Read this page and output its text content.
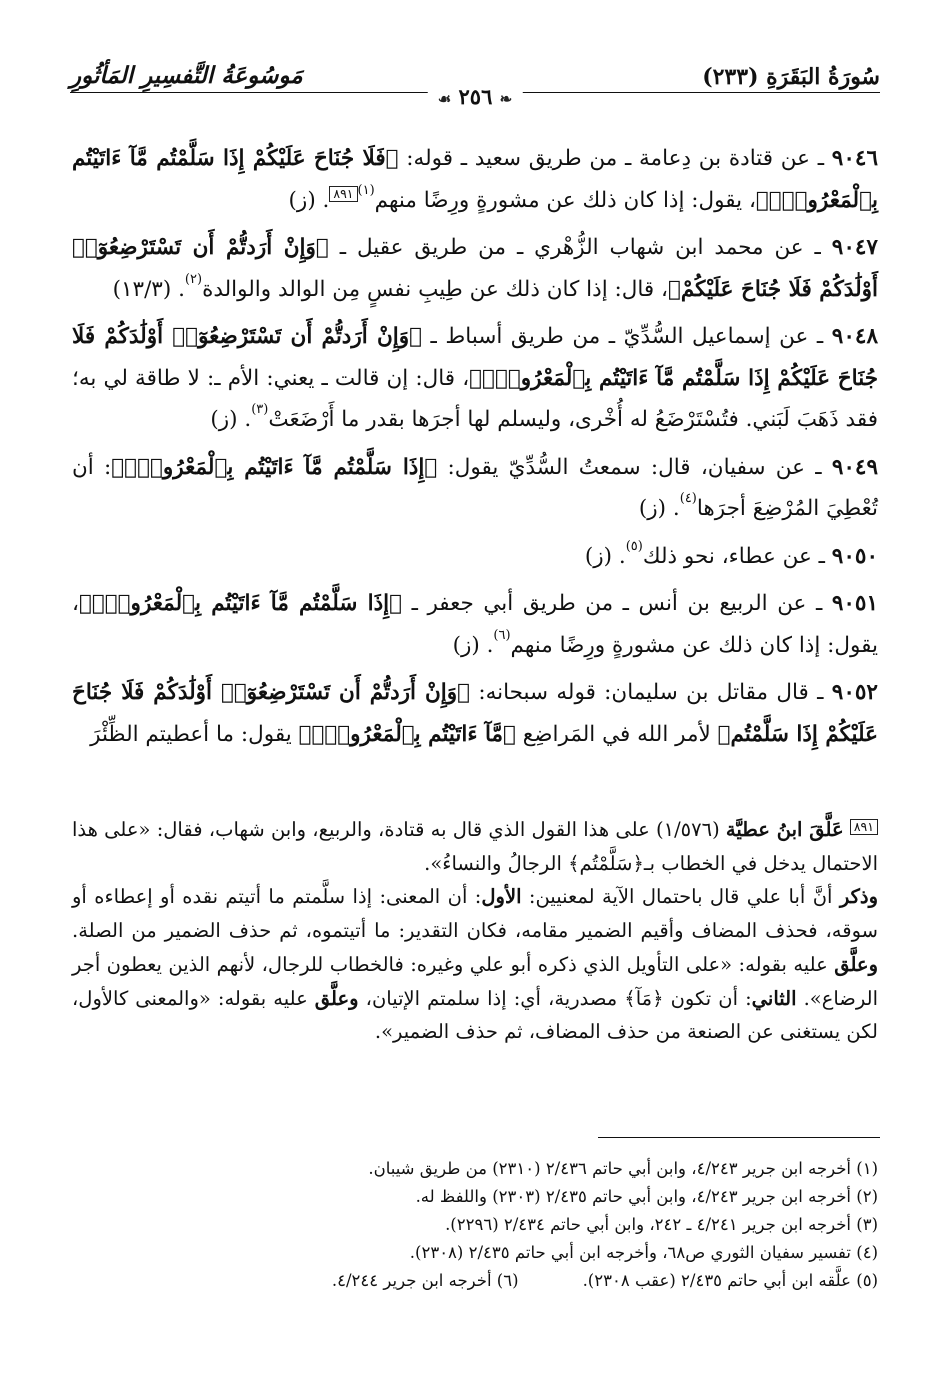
سُورَةُ البَقَرَةِ (٢٣٣)
مَوسُوعَةُ التَّفسِيرِ المَأثُورِ
❧ ٢٥٦ ☙

٩٠٤٦ ـ عن قتادة بن دِعامة ـ من طريق سعيد ـ قوله: ﴿فَلَا جُنَاحَ عَلَيْكُمْ إِذَا سَلَّمْتُم مَّآ ءَاتَيْتُم بِٱلْمَعْرُوفِۗ﴾، يقول: إذا كان ذلك عن مشورةٍ ورِضًا منهم$^{(١)}$٨٩١. (ز)

٩٠٤٧ ـ عن محمد ابن شهاب الزُّهْري ـ من طريق عقيل ـ ﴿وَإِنْ أَرَدتُّمْ أَن تَسْتَرْضِعُوٓا۟ أَوْلَٰدَكُمْ فَلَا جُنَاحَ عَلَيْكُمْ﴾، قال: إذا كان ذلك عن طِيبِ نفسٍ مِن الوالد والوالدة$^{(٢)}$. (١٣/٣)

٩٠٤٨ ـ عن إسماعيل السُّدِّيّ ـ من طريق أسباط ـ ﴿وَإِنْ أَرَدتُّمْ أَن تَسْتَرْضِعُوٓا۟ أَوْلَٰدَكُمْ فَلَا جُنَاحَ عَلَيْكُمْ إِذَا سَلَّمْتُم مَّآ ءَاتَيْتُم بِٱلْمَعْرُوفِۗ﴾، قال: إن قالت ـ يعني: الأم ـ: لا طاقة لي به؛ فقد ذَهَبَ لَبَني. فتُسْتَرْضَعُ له أُخْرى، وليسلم لها أجرَها بقدر ما أَرْضَعَتْ$^{(٣)}$. (ز)

٩٠٤٩ ـ عن سفيان، قال: سمعتُ السُّدِّيّ يقول: ﴿إِذَا سَلَّمْتُم مَّآ ءَاتَيْتُم بِٱلْمَعْرُوفِۗ﴾: أن تُعْطِيَ المُرْضِعَ أجرَها$^{(٤)}$. (ز)

٩٠٥٠ ـ عن عطاء، نحو ذلك$^{(٥)}$. (ز)

٩٠٥١ ـ عن الربيع بن أنس ـ من طريق أبي جعفر ـ ﴿إِذَا سَلَّمْتُم مَّآ ءَاتَيْتُم بِٱلْمَعْرُوفِۗ﴾، يقول: إذا كان ذلك عن مشورةٍ ورِضًا منهم$^{(٦)}$. (ز)

٩٠٥٢ ـ قال مقاتل بن سليمان: قوله سبحانه: ﴿وَإِنْ أَرَدتُّمْ أَن تَسْتَرْضِعُوٓا۟ أَوْلَٰدَكُمْ فَلَا جُنَاحَ عَلَيْكُمْ إِذَا سَلَّمْتُم﴾ لأمر الله في المَراضِع ﴿مَّآ ءَاتَيْتُم بِٱلْمَعْرُوفِۗ﴾ يقول: ما أعطيتم الظِّئْرَ

٨٩١ عَلَّقَ ابنُ عطيَّة (١/٥٧٦) على هذا القول الذي قال به قتادة، والربيع، وابن شهاب، فقال: «على هذا الاحتمال يدخل في الخطاب بـ﴿سَلَّمْتُم﴾ الرجالُ والنساءُ».

وذكر أنَّ أبا علي قال باحتمال الآية لمعنيين: الأول: أن المعنى: إذا سلَّمتم ما أتيتم نقده أو إعطاءه أو سوقه، فحذف المضاف وأقيم الضمير مقامه، فكان التقدير: ما أتيتموه، ثم حذف الضمير من الصلة. وعلَّق عليه بقوله: «على التأويل الذي ذكره أبو علي وغيره: فالخطاب للرجال، لأنهم الذين يعطون أجر الرضاع». الثاني: أن تكون ﴿مَآ﴾ مصدرية، أي: إذا سلمتم الإتيان، وعلَّق عليه بقوله: «والمعنى كالأول، لكن يستغنى عن الصنعة من حذف المضاف، ثم حذف الضمير».

(١) أخرجه ابن جرير ٤/٢٤٣، وابن أبي حاتم ٢/٤٣٦ (٢٣١٠) من طريق شيبان.

(٢) أخرجه ابن جرير ٤/٢٤٣، وابن أبي حاتم ٢/٤٣٥ (٢٣٠٣) واللفظ له.

(٣) أخرجه ابن جرير ٤/٢٤١ ـ ٢٤٢، وابن أبي حاتم ٢/٤٣٤ (٢٢٩٦).

(٤) تفسير سفيان الثوري ص٦٨، وأخرجه ابن أبي حاتم ٢/٤٣٥ (٢٣٠٨).

(٥) علَّقه ابن أبي حاتم ٢/٤٣٥ (عقب ٢٣٠٨).

(٦) أخرجه ابن جرير ٤/٢٤٤.
